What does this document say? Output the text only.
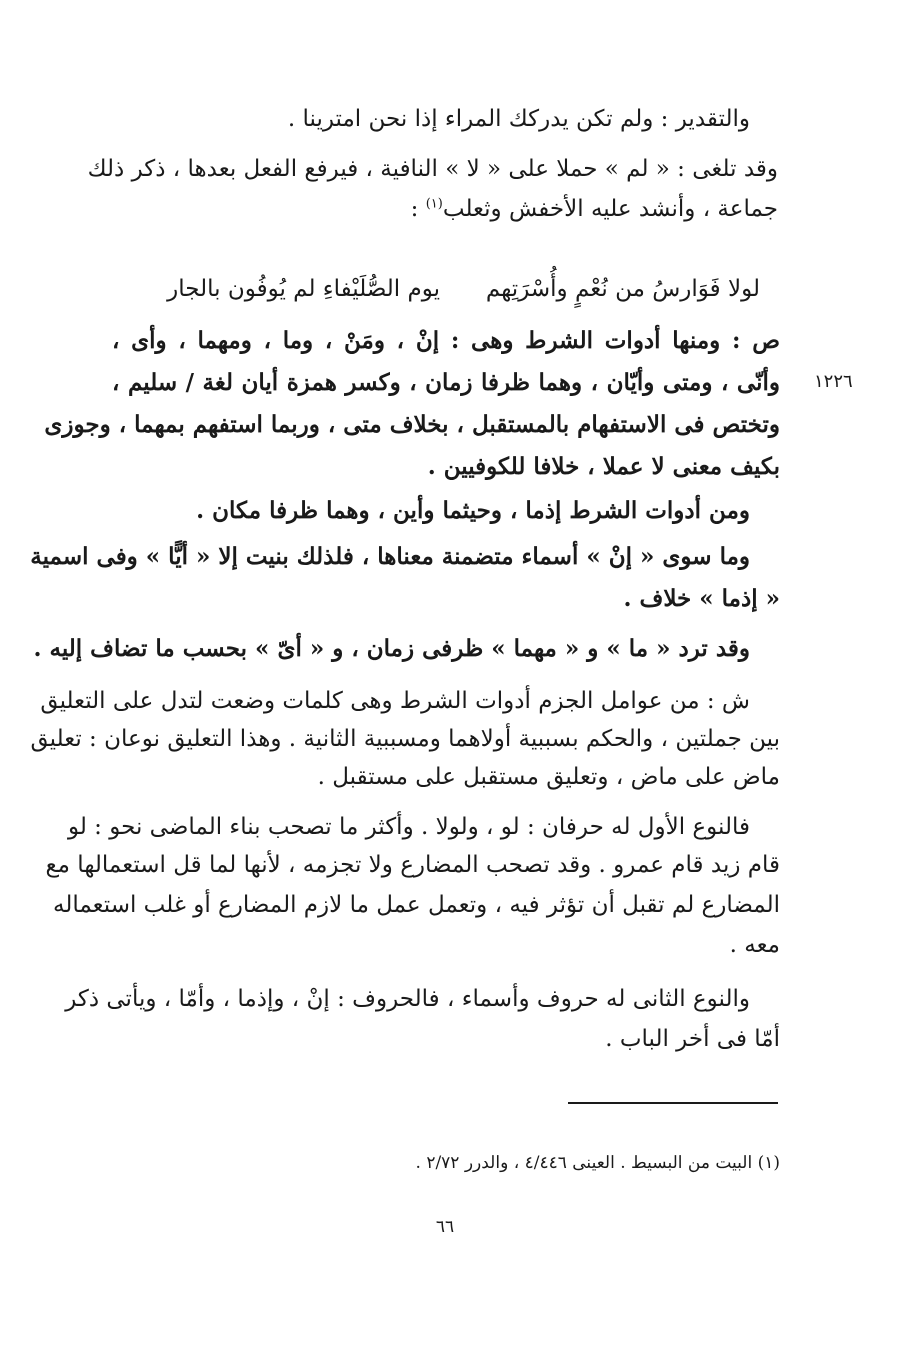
والتقدير : ولم تكن يدركك المراء إذا نحن امترينا .
وقد تلغى : « لم » حملا على « لا » النافية ، فيرفع الفعل بعدها ، ذكر ذلك
جماعة ، وأنشد عليه الأخفش وثعلب$^{(١)}$ :
لولا فَوَارسُ من نُعْمٍ وأُسْرَتِهم
يوم الصُّلَيْفاءِ لم يُوفُون بالجار
ص : ومنها أدوات الشرط وهى : إنْ ، ومَنْ ، وما ، ومهما ، وأى ،
١٢٢٦
وأنّى ، ومتى وأيّان ، وهما ظرفا زمان ، وكسر همزة أيان لغة / سليم ،
وتختص فى الاستفهام بالمستقبل ، بخلاف متى ، وربما استفهم بمهما ، وجوزى
بكيف معنى لا عملا ، خلافا للكوفيين .
ومن أدوات الشرط إذما ، وحيثما وأين ، وهما ظرفا مكان .
وما سوى « إنْ » أسماء متضمنة معناها ، فلذلك بنيت إلا « أيًّا » وفى اسمية
« إذما » خلاف .
وقد ترد « ما » و « مهما » ظرفى زمان ، و « أىّ » بحسب ما تضاف إليه .
ش : من عوامل الجزم أدوات الشرط وهى كلمات وضعت لتدل على التعليق
بين جملتين ، والحكم بسببية أولاهما ومسببية الثانية . وهذا التعليق نوعان : تعليق
ماض على ماض ، وتعليق مستقبل على مستقبل .
فالنوع الأول له حرفان : لو ، ولولا . وأكثر ما تصحب بناء الماضى نحو : لو
قام زيد قام عمرو . وقد تصحب المضارع ولا تجزمه ، لأنها لما قل استعمالها مع
المضارع لم تقبل أن تؤثر فيه ، وتعمل عمل ما لازم المضارع أو غلب استعماله
معه .
والنوع الثانى له حروف وأسماء ، فالحروف : إنْ ، وإذما ، وأمّا ، ويأتى ذكر
أمّا فى أخر الباب .
(١) البيت من البسيط . العينى ٤/٤٤٦ ، والدرر ٢/٧٢ .
٦٦
